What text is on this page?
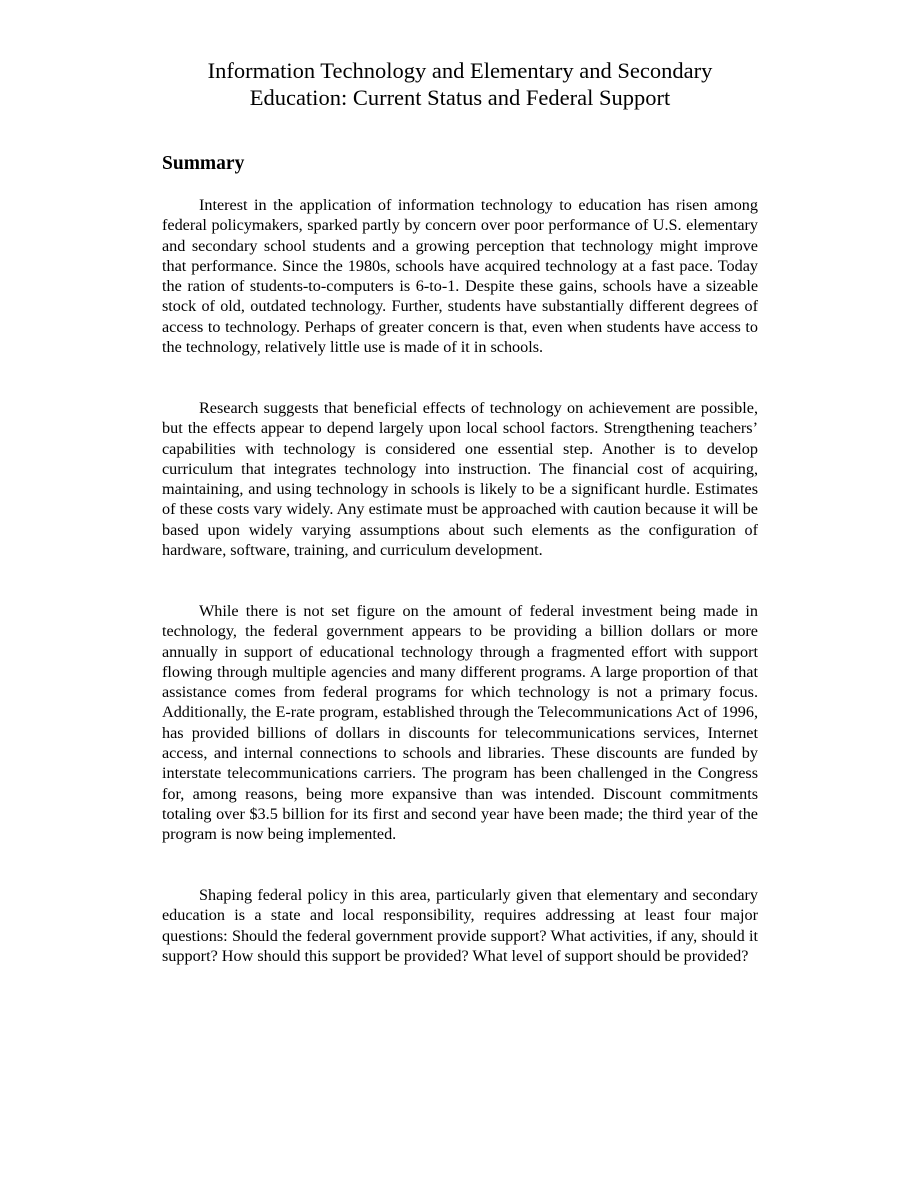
Information Technology and Elementary and Secondary
Education: Current Status and Federal Support
Summary

Interest in the application of information technology to education has risen among federal policymakers, sparked partly by concern over poor performance of U.S. elementary and secondary school students and a growing perception that technology might improve that performance. Since the 1980s, schools have acquired technology at a fast pace. Today the ration of students-to-computers is 6-to-1. Despite these gains, schools have a sizeable stock of old, outdated technology. Further, students have substantially different degrees of access to technology. Perhaps of greater concern is that, even when students have access to the technology, relatively little use is made of it in schools.

Research suggests that beneficial effects of technology on achievement are possible, but the effects appear to depend largely upon local school factors. Strengthening teachers’ capabilities with technology is considered one essential step. Another is to develop curriculum that integrates technology into instruction. The financial cost of acquiring, maintaining, and using technology in schools is likely to be a significant hurdle. Estimates of these costs vary widely. Any estimate must be approached with caution because it will be based upon widely varying assumptions about such elements as the configuration of hardware, software, training, and curriculum development.

While there is not set figure on the amount of federal investment being made in technology, the federal government appears to be providing a billion dollars or more annually in support of educational technology through a fragmented effort with support flowing through multiple agencies and many different programs. A large proportion of that assistance comes from federal programs for which technology is not a primary focus. Additionally, the E-rate program, established through the Telecommunications Act of 1996, has provided billions of dollars in discounts for telecommunications services, Internet access, and internal connections to schools and libraries. These discounts are funded by interstate telecommunications carriers. The program has been challenged in the Congress for, among reasons, being more expansive than was intended. Discount commitments totaling over $3.5 billion for its first and second year have been made; the third year of the program is now being implemented.

Shaping federal policy in this area, particularly given that elementary and secondary education is a state and local responsibility, requires addressing at least four major questions: Should the federal government provide support? What activities, if any, should it support? How should this support be provided? What level of support should be provided?
